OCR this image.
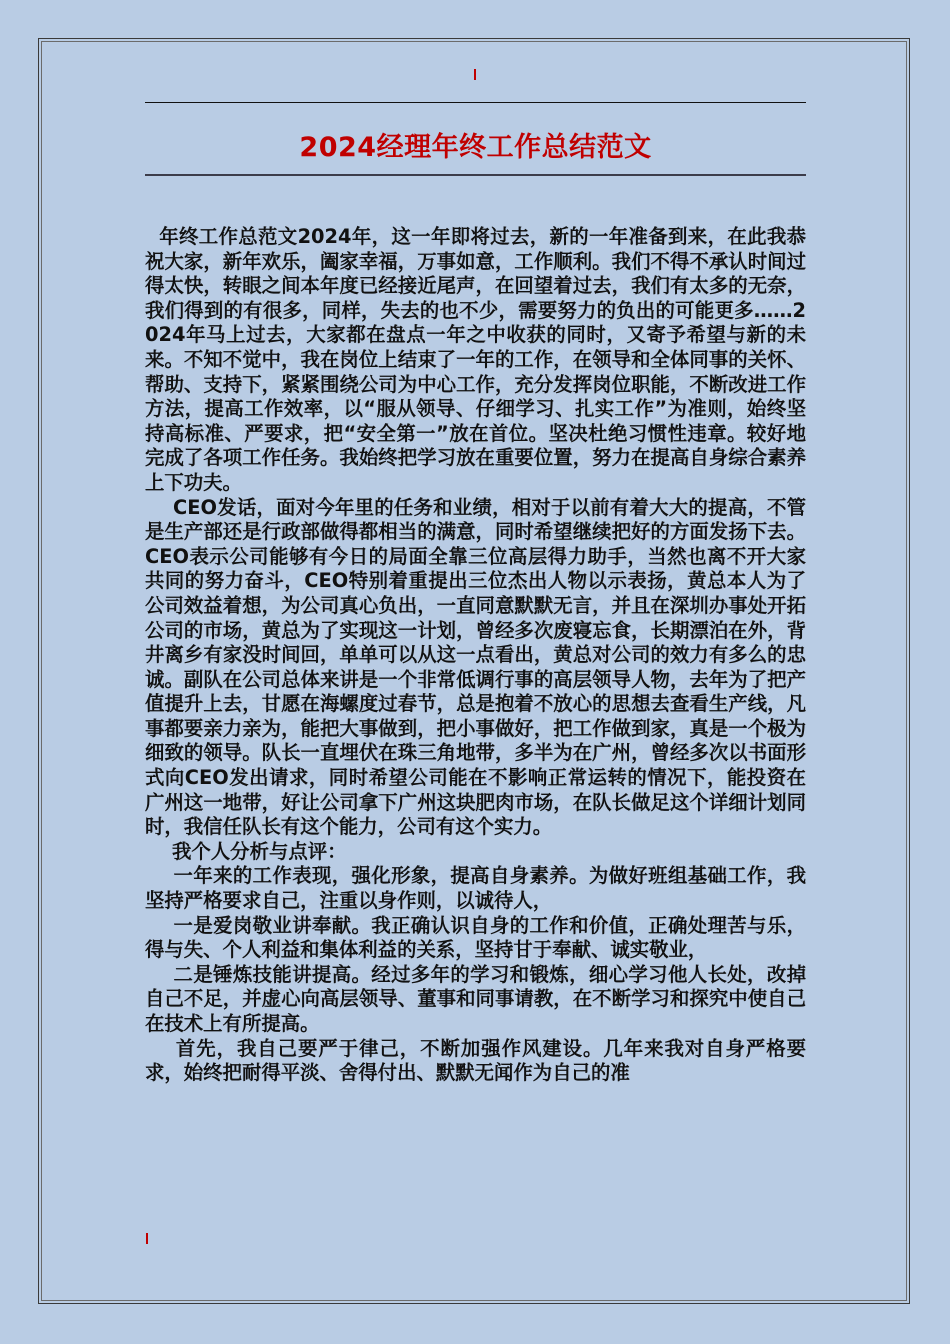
2024经理年终工作总结范文

年终工作总范文2024年，这一年即将过去，新的一年准备到来，在此我恭祝大家，新年欢乐，阖家幸福，万事如意，工作顺利。我们不得不承认时间过得太快，转眼之间本年度已经接近尾声，在回望着过去，我们有太多的无奈，我们得到的有很多，同样，失去的也不少，需要努力的负出的可能更多……2024年马上过去，大家都在盘点一年之中收获的同时，又寄予希望与新的未来。不知不觉中，我在岗位上结束了一年的工作，在领导和全体同事的关怀、帮助、支持下，紧紧围绕公司为中心工作，充分发挥岗位职能，不断改进工作方法，提高工作效率，以“服从领导、仔细学习、扎实工作”为准则，始终坚持高标准、严要求，把“安全第一”放在首位。坚决杜绝习惯性违章。较好地完成了各项工作任务。我始终把学习放在重要位置，努力在提高自身综合素养上下功夫。

CEO发话，面对今年里的任务和业绩，相对于以前有着大大的提高，不管是生产部还是行政部做得都相当的满意，同时希望继续把好的方面发扬下去。CEO表示公司能够有今日的局面全靠三位高层得力助手，当然也离不开大家共同的努力奋斗，CEO特别着重提出三位杰出人物以示表扬，黄总本人为了公司效益着想，为公司真心负出，一直同意默默无言，并且在深圳办事处开拓公司的市场，黄总为了实现这一计划，曾经多次废寝忘食，长期漂泊在外，背井离乡有家没时间回，单单可以从这一点看出，黄总对公司的效力有多么的忠诚。副队在公司总体来讲是一个非常低调行事的高层领导人物，去年为了把产值提升上去，甘愿在海螺度过春节，总是抱着不放心的思想去查看生产线，凡事都要亲力亲为，能把大事做到，把小事做好，把工作做到家，真是一个极为细致的领导。队长一直埋伏在珠三角地带，多半为在广州，曾经多次以书面形式向CEO发出请求，同时希望公司能在不影响正常运转的情况下，能投资在广州这一地带，好让公司拿下广州这块肥肉市场，在队长做足这个详细计划同时，我信任队长有这个能力，公司有这个实力。

我个人分析与点评：

一年来的工作表现，强化形象，提高自身素养。为做好班组基础工作，我坚持严格要求自己，注重以身作则，以诚待人，

一是爱岗敬业讲奉献。我正确认识自身的工作和价值，正确处理苦与乐，得与失、个人利益和集体利益的关系，坚持甘于奉献、诚实敬业，

二是锤炼技能讲提高。经过多年的学习和锻炼，细心学习他人长处，改掉自己不足，并虚心向高层领导、董事和同事请教，在不断学习和探究中使自己在技术上有所提高。

首先，我自己要严于律己，不断加强作风建设。几年来我对自身严格要求，始终把耐得平淡、舍得付出、默默无闻作为自己的准
